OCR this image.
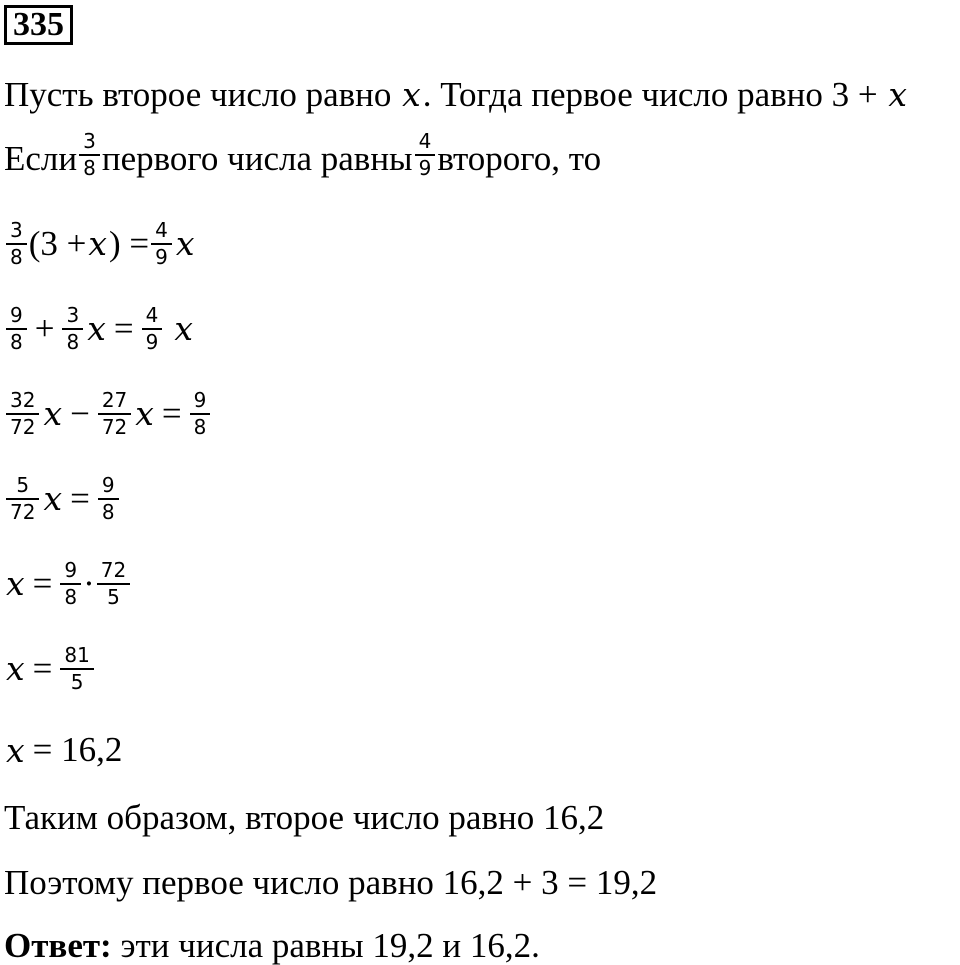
335
Пусть второе число равно x. Тогда первое число равно 3 + x
Если $\frac{3}{8}$ первого числа равны $\frac{4}{9}$ второго, то
$\frac{3}{8} (3 + x$ ) = $\frac{4}{9}$ x
$\frac{9}{8} + \frac{3}{8}$ $x = \frac{4}{9}$ x
$\frac{32}{72}$ $x - \frac{27}{72}$ $x = \frac{9}{8}$
$\frac{5}{72}$ $x = \frac{9}{8}$
$x = \frac{9}{8} \cdot \frac{72}{5}$
$x = \frac{81}{5}$
x = 16,2
Таким образом, второе число равно 16,2
Поэтому первое число равно 16,2 + 3 = 19,2
Ответ: эти числа равны 19,2 и 16,2.
